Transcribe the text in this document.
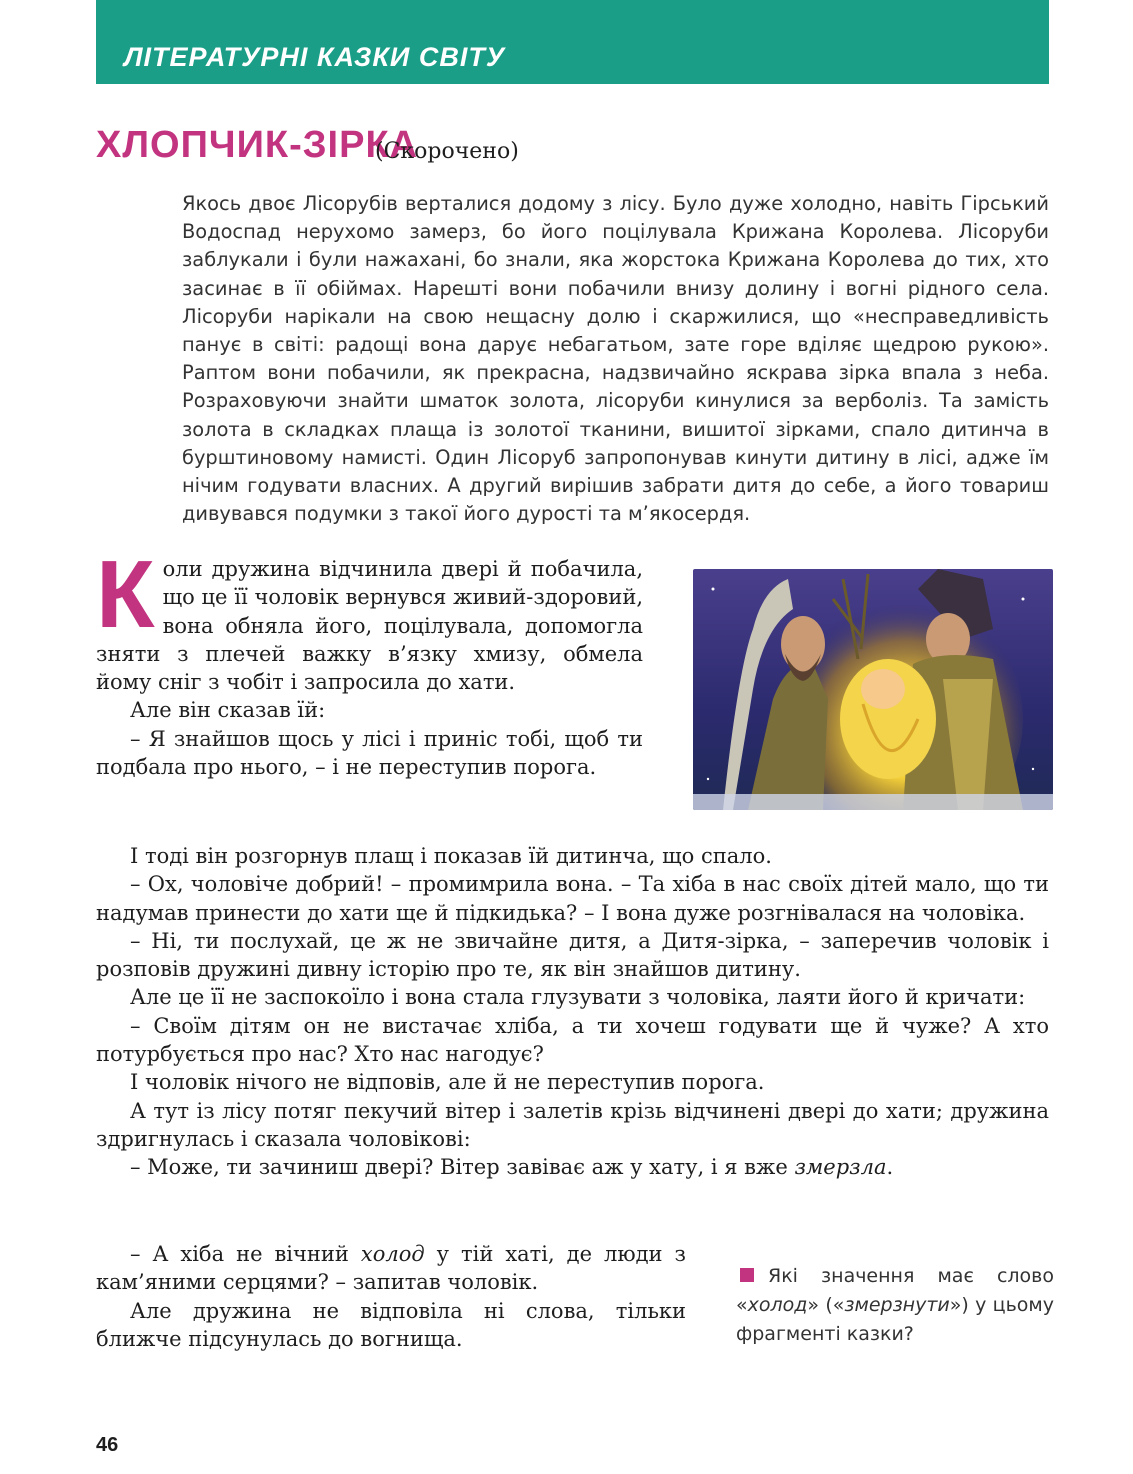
ЛІТЕРАТУРНІ КАЗКИ СВІТУ
ХЛОПЧИК-ЗІРКА
(Скорочено)

Якось двоє Лісорубів верталися додому з лісу. Було дуже холодно, навіть Гірський Водоспад нерухомо замерз, бо його поцілувала Крижана Королева. Лісоруби заблукали і були нажахані, бо знали, яка жорстока Крижана Королева до тих, хто засинає в її обіймах. Нарешті вони побачили внизу долину і вогні рідного села. Лісоруби нарікали на свою нещасну долю і скаржилися, що «несправедливість панує в світі: радощі вона дарує небагатьом, зате горе вділяє щедрою рукою». Раптом вони побачили, як прекрасна, надзвичайно яскрава зірка впала з неба. Розраховуючи знайти шматок золота, лісоруби кинулися за верболіз. Та замість золота в складках плаща із золотої тканини, вишитої зірками, спало дитинча в бурштиновому намисті. Один Лісоруб запропонував кинути дитину в лісі, адже їм нічим годувати власних. А другий вирішив забрати дитя до себе, а його товариш дивувався подумки з такої його дурості та м’якосердя.

Коли дружина відчинила двері й побачила, що це її чоловік вернувся живий-здоровий, вона обняла його, поцілувала, допомогла зняти з плечей важку в’язку хмизу, обмела йому сніг з чобіт і запросила до хати.

Але він сказав їй:

– Я знайшов щось у лісі і приніс тобі, щоб ти подбала про нього, – і не переступив порога.

І тоді він розгорнув плащ і показав їй дитинча, що спало.

– Ох, чоловіче добрий! – промимрила вона. – Та хіба в нас своїх дітей мало, що ти надумав принести до хати ще й підкидька? – І вона дуже розгнівалася на чоловіка.

– Ні, ти послухай, це ж не звичайне дитя, а Дитя-зірка, – заперечив чоловік і розповів дружині дивну історію про те, як він знайшов дитину.

Але це її не заспокоїло і вона стала глузувати з чоловіка, лаяти його й кричати:

– Своїм дітям он не вистачає хліба, а ти хочеш годувати ще й чуже? А хто потурбується про нас? Хто нас нагодує?

І чоловік нічого не відповів, але й не переступив порога.

А тут із лісу потяг пекучий вітер і залетів крізь відчинені двері до хати; дружина здригнулась і сказала чоловікові:

– Може, ти зачиниш двері? Вітер завіває аж у хату, і я вже змерзла.

– А хіба не вічний холод у тій хаті, де люди з кам’яними серцями? – запитав чоловік.

Але дружина не відповіла ні слова, тільки ближче підсунулась до вогнища.

Які значення має слово «холод» («змерзнути») у цьому фрагменті казки?
46
